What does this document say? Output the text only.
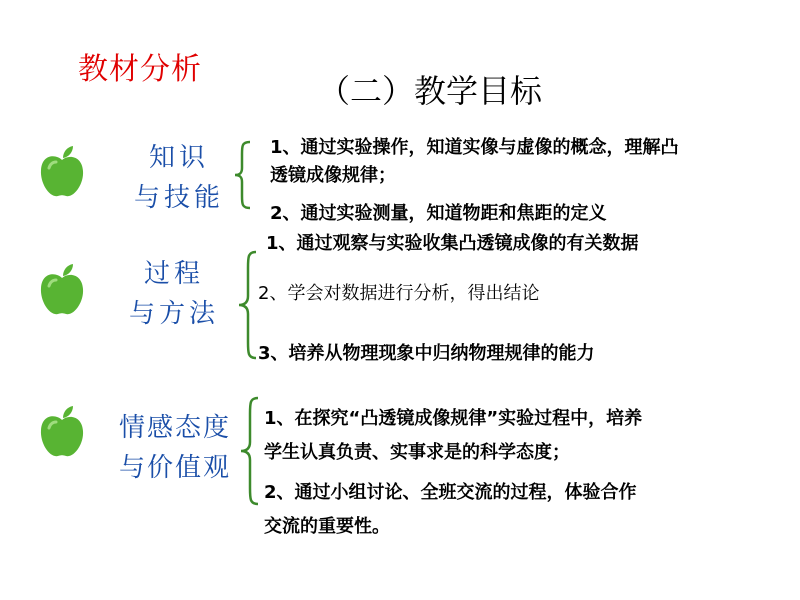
教材分析
（二）教学目标
知识
与技能
1、通过实验操作，知道实像与虚像的概念，理解凸
透镜成像规律；
2、通过实验测量，知道物距和焦距的定义
过程
与方法
1、通过观察与实验收集凸透镜成像的有关数据
2、学会对数据进行分析，得出结论
3、培养从物理现象中归纳物理规律的能力
情感态度
与价值观
1、在探究“凸透镜成像规律”实验过程中，培养
学生认真负责、实事求是的科学态度；
2、通过小组讨论、全班交流的过程，体验合作
交流的重要性。
